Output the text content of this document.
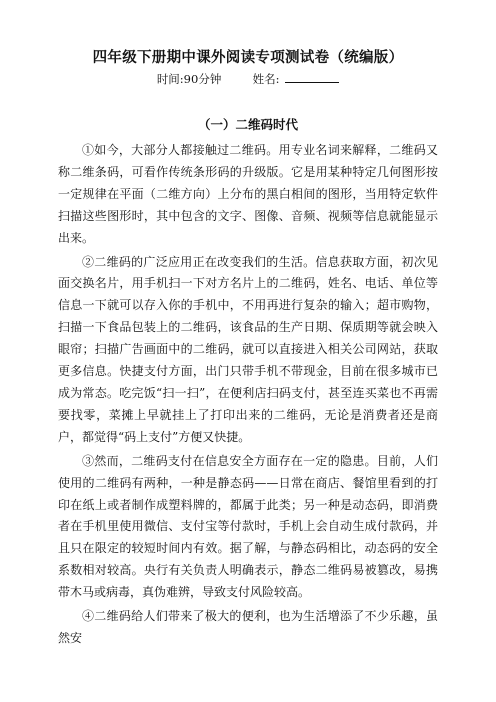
四年级下册期中课外阅读专项测试卷（统编版）
时间:90分钟	姓名:
（一）二维码时代

①如今，大部分人都接触过二维码。用专业名词来解释，二维码又称二维条码，可看作传统条形码的升级版。它是用某种特定几何图形按一定规律在平面（二维方向）上分布的黑白相间的图形，当用特定软件扫描这些图形时，其中包含的文字、图像、音频、视频等信息就能显示出来。

②二维码的广泛应用正在改变我们的生活。信息获取方面，初次见面交换名片，用手机扫一下对方名片上的二维码，姓名、电话、单位等信息一下就可以存入你的手机中，不用再进行复杂的输入；超市购物，扫描一下食品包装上的二维码，该食品的生产日期、保质期等就会映入眼帘；扫描广告画面中的二维码，就可以直接进入相关公司网站，获取更多信息。快捷支付方面，出门只带手机不带现金，目前在很多城市已成为常态。吃完饭“扫一扫”，在便利店扫码支付，甚至连买菜也不再需要找零，菜摊上早就挂上了打印出来的二维码，无论是消费者还是商户，都觉得“码上支付”方便又快捷。

③然而，二维码支付在信息安全方面存在一定的隐患。目前，人们使用的二维码有两种，一种是静态码——日常在商店、餐馆里看到的打印在纸上或者制作成塑料牌的，都属于此类；另一种是动态码，即消费者在手机里使用微信、支付宝等付款时，手机上会自动生成付款码，并且只在限定的较短时间内有效。据了解，与静态码相比，动态码的安全系数相对较高。央行有关负责人明确表示，静态二维码易被篡改，易携带木马或病毒，真伪难辨，导致支付风险较高。

④二维码给人们带来了极大的便利，也为生活增添了不少乐趣，虽然安
